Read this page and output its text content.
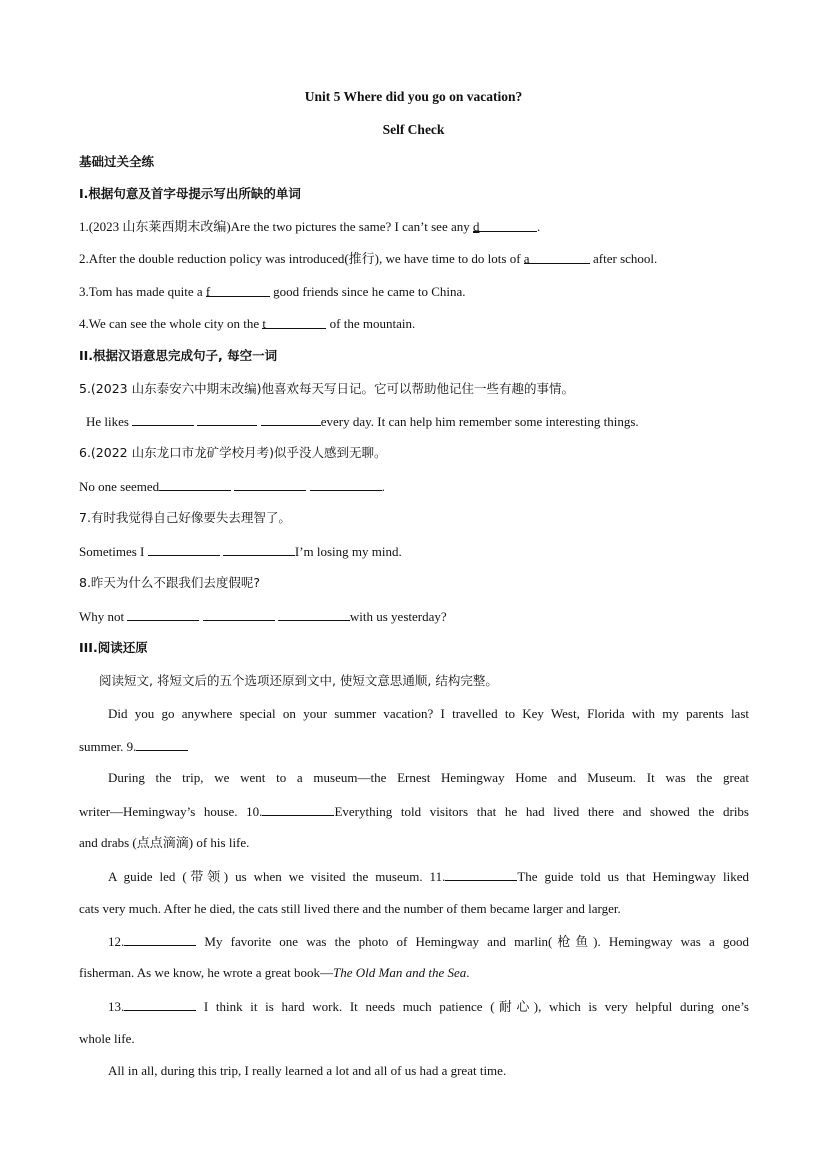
Unit 5 Where did you go on vacation?
Self Check
基础过关全练
I.根据句意及首字母提示写出所缺的单词
1.(2023 山东莱西期末改编)Are the two pictures the same? I can’t see any d	.
2.After the double reduction policy was introduced(推行), we have time to do lots of a	after school.
3.Tom has made quite a f	good friends since he came to China.
4.We can see the whole city on the t	of the mountain.
II.根据汉语意思完成句子, 每空一词
5.(2023 山东泰安六中期末改编)他喜欢每天写日记。它可以帮助他记住一些有趣的事情。
He likes	every day. It can help him remember some interesting things.
6.(2022 山东龙口市龙矿学校月考)似乎没人感到无聊。
No one seemed	.
7.有时我觉得自己好像要失去理智了。
Sometimes I	I’m losing my mind.
8.昨天为什么不跟我们去度假呢?
Why not	with us yesterday?
III.阅读还原
阅读短文, 将短文后的五个选项还原到文中, 使短文意思通顺, 结构完整。
Did you go anywhere special on your summer vacation? I travelled to Key West, Florida with my parents last
summer. 9.
During the trip, we went to a museum—the Ernest Hemingway Home and Museum. It was the great
writer—Hemingway’s house. 10.	Everything told visitors that he had lived there and showed the dribs
and drabs (点点滴滴) of his life.
A guide led (带领) us when we visited the museum. 11.	The guide told us that Hemingway liked
cats very much. After he died, the cats still lived there and the number of them became larger and larger.
12.	My favorite one was the photo of Hemingway and marlin(枪鱼). Hemingway was a good
fisherman. As we know, he wrote a great book—The Old Man and the Sea.
13.	I think it is hard work. It needs much patience (耐心), which is very helpful during one’s
whole life.
All in all, during this trip, I really learned a lot and all of us had a great time.
